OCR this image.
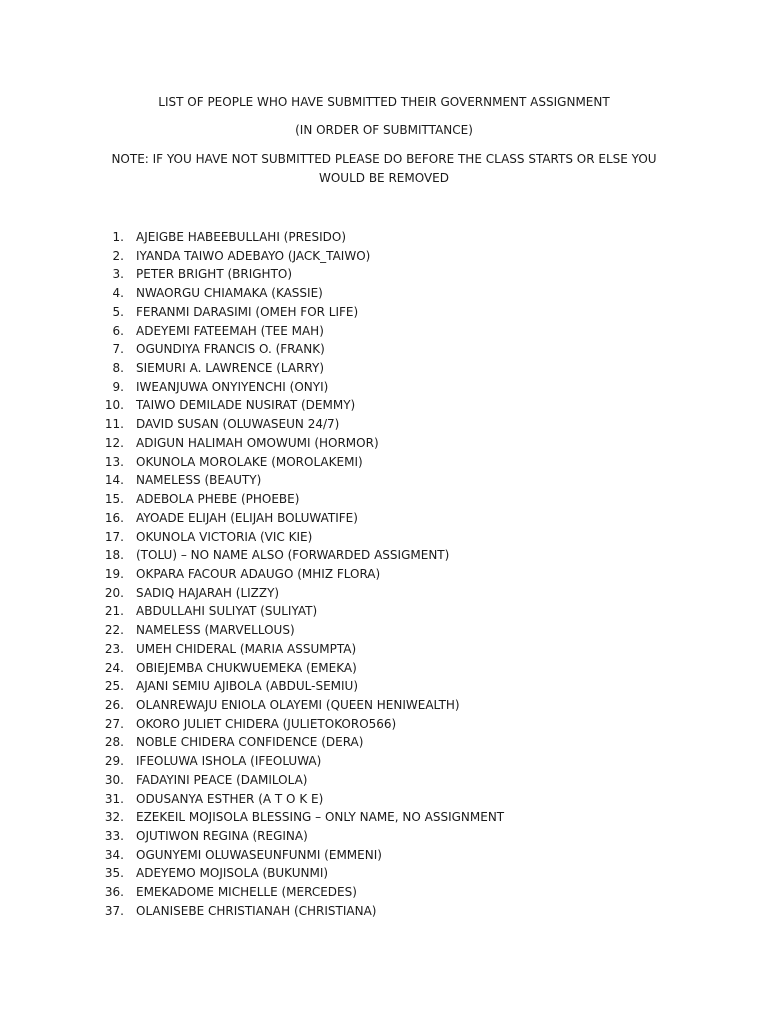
LIST OF PEOPLE WHO HAVE SUBMITTED THEIR GOVERNMENT ASSIGNMENT
(IN ORDER OF SUBMITTANCE)
NOTE: IF YOU HAVE NOT SUBMITTED PLEASE DO BEFORE THE CLASS STARTS OR ELSE YOU WOULD BE REMOVED
1. AJEIGBE HABEEBULLAHI (PRESIDO)
2. IYANDA TAIWO ADEBAYO (JACK_TAIWO)
3. PETER BRIGHT (BRIGHTO)
4. NWAORGU CHIAMAKA (KASSIE)
5. FERANMI DARASIMI (OMEH FOR LIFE)
6. ADEYEMI FATEEMAH (TEE MAH)
7. OGUNDIYA FRANCIS O. (FRANK)
8. SIEMURI A. LAWRENCE (LARRY)
9. IWEANJUWA ONYIYENCHI (ONYI)
10. TAIWO DEMILADE NUSIRAT (DEMMY)
11. DAVID SUSAN (OLUWASEUN 24/7)
12. ADIGUN HALIMAH OMOWUMI (HORMOR)
13. OKUNOLA MOROLAKE (MOROLAKEMI)
14. NAMELESS (BEAUTY)
15. ADEBOLA PHEBE (PHOEBE)
16. AYOADE ELIJAH (ELIJAH BOLUWATIFE)
17. OKUNOLA VICTORIA (VIC KIE)
18. (TOLU) – NO NAME ALSO (FORWARDED ASSIGMENT)
19. OKPARA FACOUR ADAUGO (MHIZ FLORA)
20. SADIQ HAJARAH (LIZZY)
21. ABDULLAHI SULIYAT (SULIYAT)
22. NAMELESS (MARVELLOUS)
23. UMEH CHIDERAL (MARIA ASSUMPTA)
24. OBIEJEMBA CHUKWUEMEKA (EMEKA)
25. AJANI SEMIU AJIBOLA (ABDUL-SEMIU)
26. OLANREWAJU ENIOLA OLAYEMI (QUEEN HENIWEALTH)
27. OKORO JULIET CHIDERA (JULIETOKORO566)
28. NOBLE CHIDERA CONFIDENCE (DERA)
29. IFEOLUWA ISHOLA (IFEOLUWA)
30. FADAYINI PEACE (DAMILOLA)
31. ODUSANYA ESTHER (A T O K E)
32. EZEKEIL MOJISOLA BLESSING – ONLY NAME, NO ASSIGNMENT
33. OJUTIWON REGINA (REGINA)
34. OGUNYEMI OLUWASEUNFUNMI (EMMENI)
35. ADEYEMO MOJISOLA (BUKUNMI)
36. EMEKADOME MICHELLE (MERCEDES)
37. OLANISEBE CHRISTIANAH (CHRISTIANA)
